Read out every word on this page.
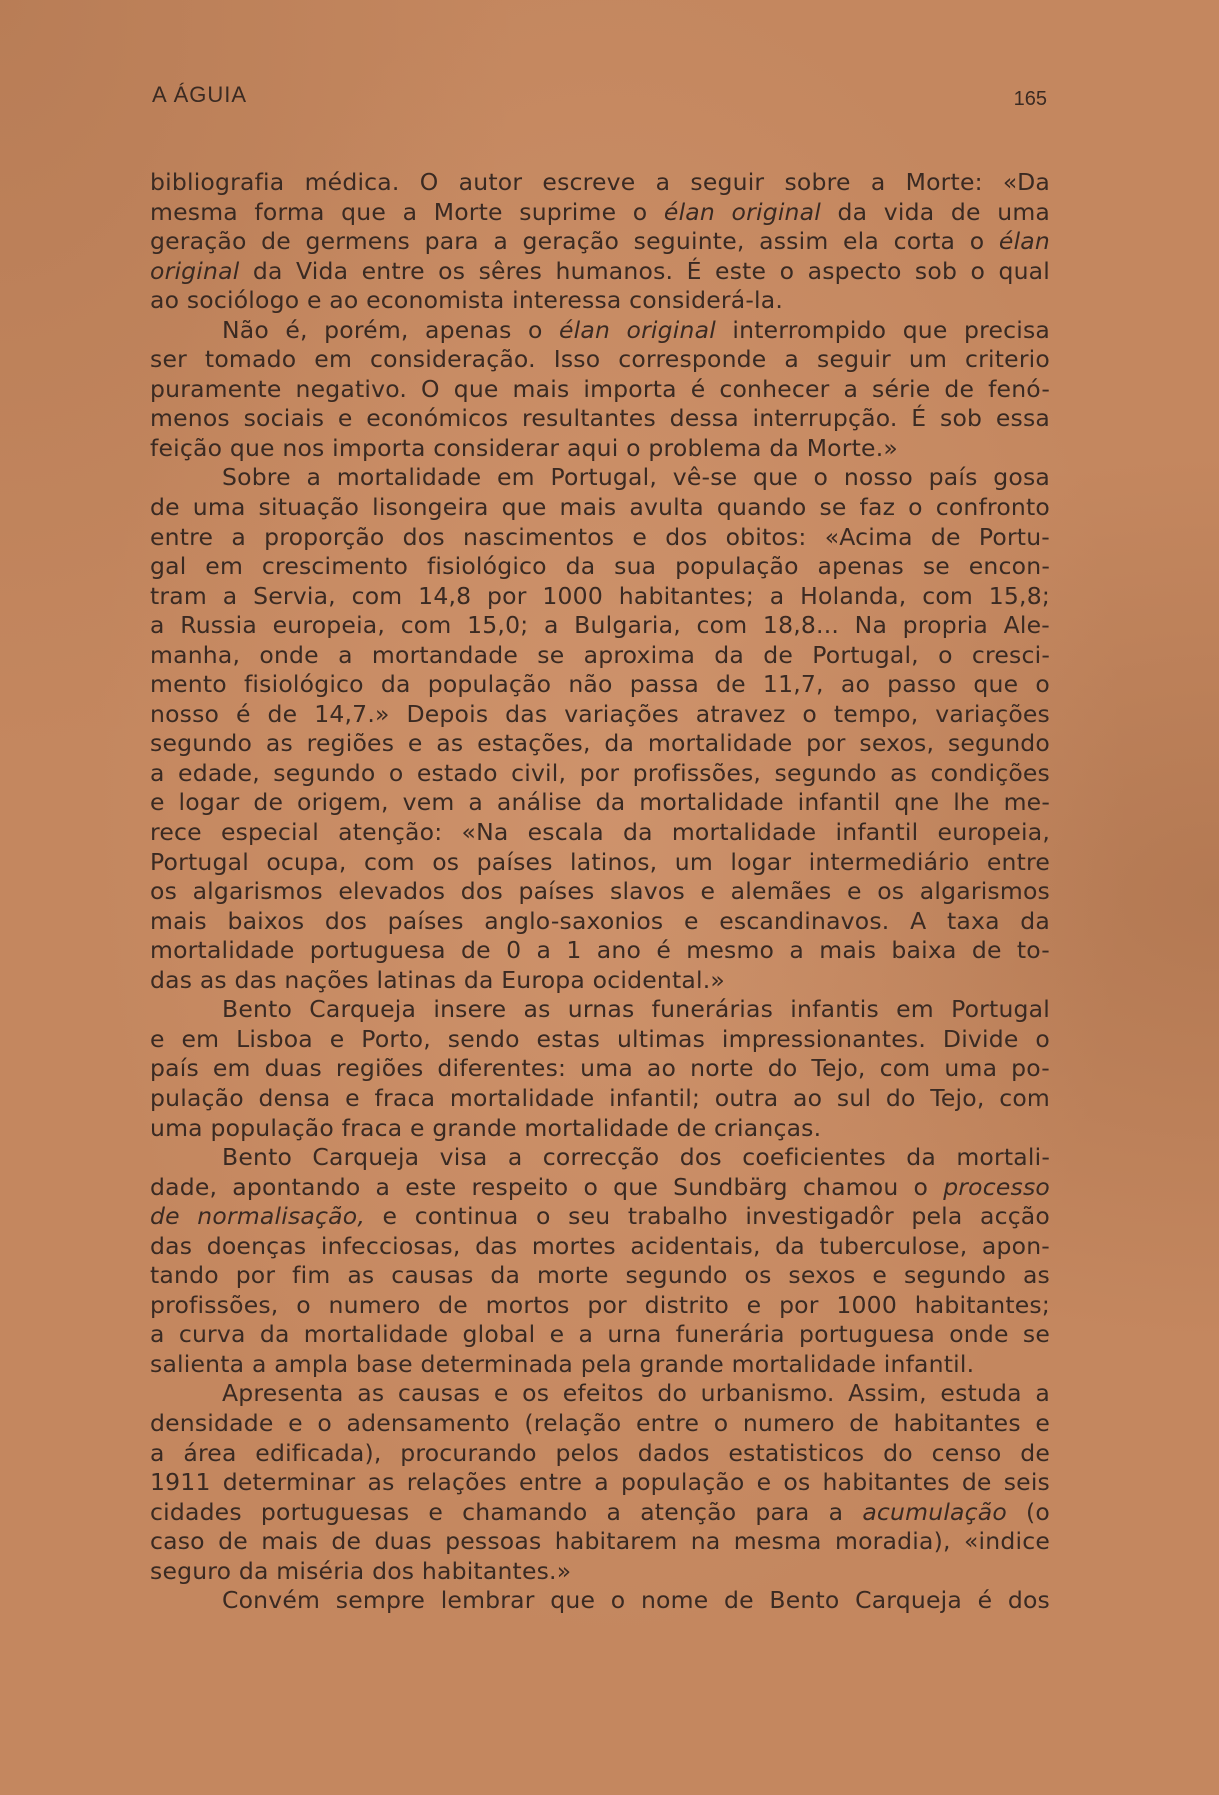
A ÁGUIA	165
bibliografia médica. O autor escreve a seguir sobre a Morte: «Da
mesma forma que a Morte suprime o élan original da vida de uma
geração de germens para a geração seguinte, assim ela corta o élan
original da Vida entre os sêres humanos. É este o aspecto sob o qual
ao sociólogo e ao economista interessa considerá-la.
Não é, porém, apenas o élan original interrompido que precisa
ser tomado em consideração. Isso corresponde a seguir um criterio
puramente negativo. O que mais importa é conhecer a série de fenó-
menos sociais e económicos resultantes dessa interrupção. É sob essa
feição que nos importa considerar aqui o problema da Morte.»
Sobre a mortalidade em Portugal, vê-se que o nosso país gosa
de uma situação lisongeira que mais avulta quando se faz o confronto
entre a proporção dos nascimentos e dos obitos: «Acima de Portu-
gal em crescimento fisiológico da sua população apenas se encon-
tram a Servia, com 14,8 por 1000 habitantes; a Holanda, com 15,8;
a Russia europeia, com 15,0; a Bulgaria, com 18,8... Na propria Ale-
manha, onde a mortandade se aproxima da de Portugal, o cresci-
mento fisiológico da população não passa de 11,7, ao passo que o
nosso é de 14,7.» Depois das variações atravez o tempo, variações
segundo as regiões e as estações, da mortalidade por sexos, segundo
a edade, segundo o estado civil, por profissões, segundo as condições
e logar de origem, vem a análise da mortalidade infantil qne lhe me-
rece especial atenção: «Na escala da mortalidade infantil europeia,
Portugal ocupa, com os países latinos, um logar intermediário entre
os algarismos elevados dos países slavos e alemães e os algarismos
mais baixos dos países anglo-saxonios e escandinavos. A taxa da
mortalidade portuguesa de 0 a 1 ano é mesmo a mais baixa de to-
das as das nações latinas da Europa ocidental.»
Bento Carqueja insere as urnas funerárias infantis em Portugal
e em Lisboa e Porto, sendo estas ultimas impressionantes. Divide o
país em duas regiões diferentes: uma ao norte do Tejo, com uma po-
pulação densa e fraca mortalidade infantil; outra ao sul do Tejo, com
uma população fraca e grande mortalidade de crianças.
Bento Carqueja visa a correcção dos coeficientes da mortali-
dade, apontando a este respeito o que Sundbärg chamou o processo
de normalisação, e continua o seu trabalho investigadôr pela acção
das doenças infecciosas, das mortes acidentais, da tuberculose, apon-
tando por fim as causas da morte segundo os sexos e segundo as
profissões, o numero de mortos por distrito e por 1000 habitantes;
a curva da mortalidade global e a urna funerária portuguesa onde se
salienta a ampla base determinada pela grande mortalidade infantil.
Apresenta as causas e os efeitos do urbanismo. Assim, estuda a
densidade e o adensamento (relação entre o numero de habitantes e
a área edificada), procurando pelos dados estatisticos do censo de
1911 determinar as relações entre a população e os habitantes de seis
cidades portuguesas e chamando a atenção para a acumulação (o
caso de mais de duas pessoas habitarem na mesma moradia), «indice
seguro da miséria dos habitantes.»
Convém sempre lembrar que o nome de Bento Carqueja é dos
